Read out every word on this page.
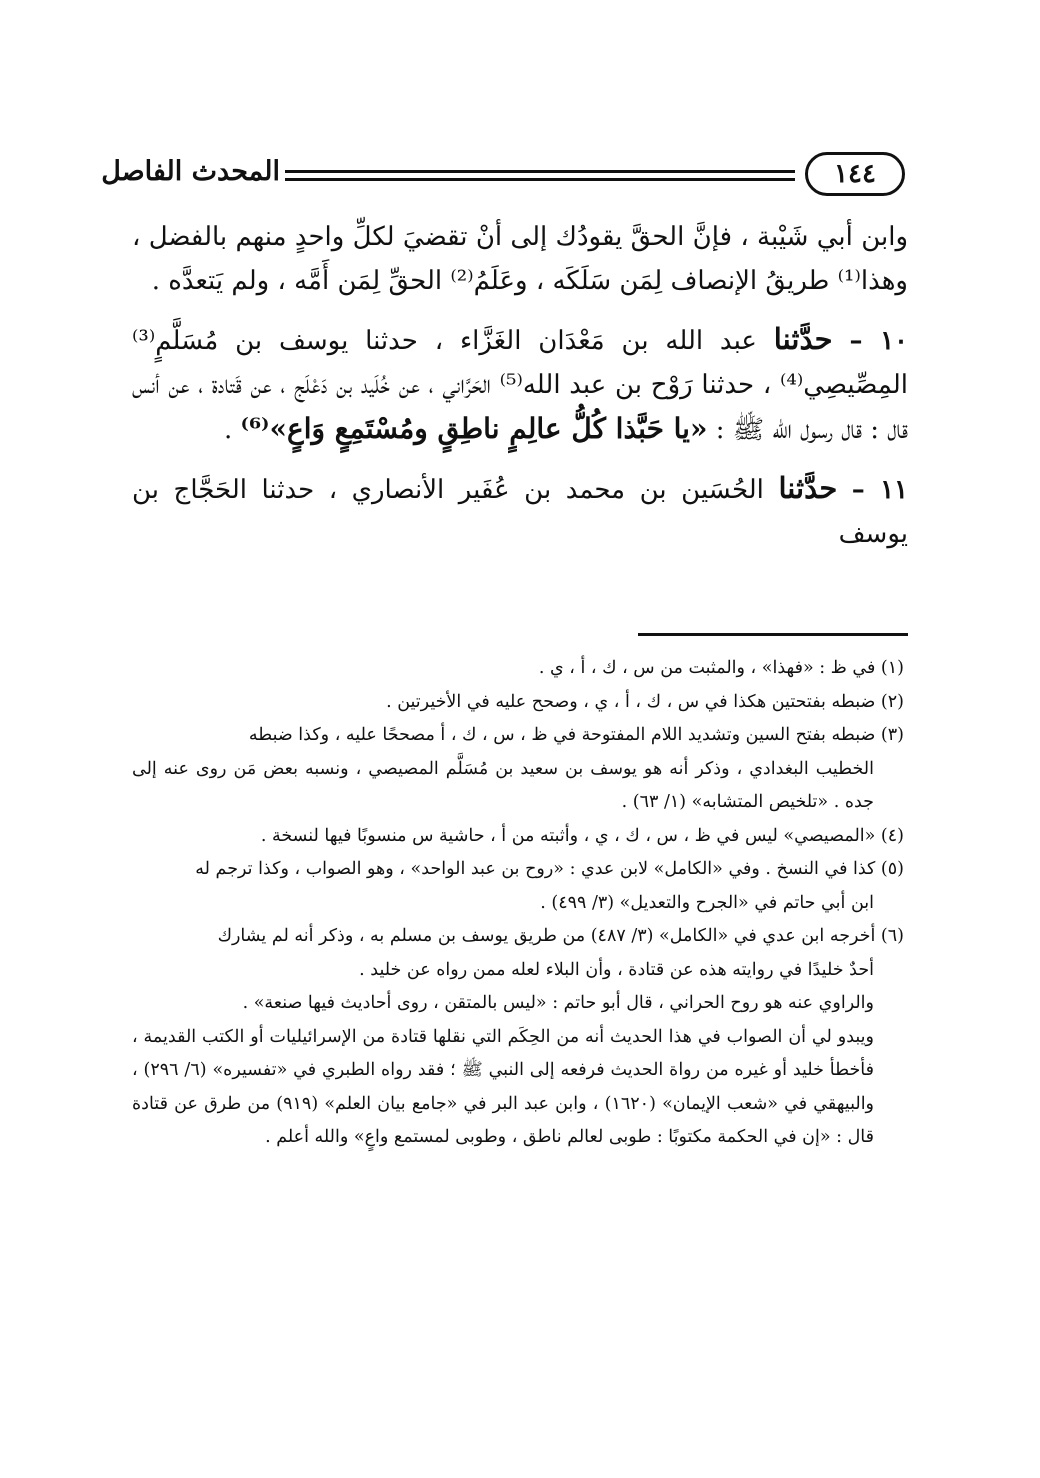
١٤٤
المحدث الفاصل

وابن أبي شَيْبة ، فإنَّ الحقَّ يقودُك إلى أنْ تقضيَ لكلِّ واحدٍ منهم بالفضل ، وهذا⁽¹⁾ طريقُ الإنصاف لِمَن سَلَكَه ، وعَلَمُ⁽²⁾ الحقِّ لِمَن أَمَّه ، ولم يَتعدَّه .

١٠ – حدَّثنا عبد الله بن مَعْدَان الغَزَّاء ، حدثنا يوسف بن مُسَلَّمٍ⁽³⁾ المِصِّيصِي⁽⁴⁾ ، حدثنا رَوْح بن عبد الله⁽⁵⁾ الحَرَّاني ، عن خُلَيد بن دَعْلَج ، عن قَتادة ، عن أنس قال : قال رسول الله ﷺ : «يا حَبَّذا كُلُّ عالِمٍ ناطِقٍ ومُسْتَمِعٍ وَاعٍ»⁽⁶⁾ .

١١ – حدَّثنا الحُسَين بن محمد بن عُفَير الأنصاري ، حدثنا الحَجَّاج بن يوسف

(١) في ظ : «فهذا» ، والمثبت من س ، ك ، أ ، ي .

(٢) ضبطه بفتحتين هكذا في س ، ك ، أ ، ي ، وصحح عليه في الأخيرتين .

(٣) ضبطه بفتح السين وتشديد اللام المفتوحة في ظ ، س ، ك ، أ مصححًا عليه ، وكذا ضبطه
الخطيب البغدادي ، وذكر أنه هو يوسف بن سعيد بن مُسَلَّم المصيصي ، ونسبه بعض مَن روى عنه إلى جده . «تلخيص المتشابه» (١/ ٦٣) .

(٤) «المصيصي» ليس في ظ ، س ، ك ، ي ، وأثبته من أ ، حاشية س منسوبًا فيها لنسخة .

(٥) كذا في النسخ . وفي «الكامل» لابن عدي : «روح بن عبد الواحد» ، وهو الصواب ، وكذا ترجم له
ابن أبي حاتم في «الجرح والتعديل» (٣/ ٤٩٩) .

(٦) أخرجه ابن عدي في «الكامل» (٣/ ٤٨٧) من طريق يوسف بن مسلم به ، وذكر أنه لم يشارك
أحدٌ خليدًا في روايته هذه عن قتادة ، وأن البلاء لعله ممن رواه عن خليد .

والراوي عنه هو روح الحراني ، قال أبو حاتم : «ليس بالمتقن ، روى أحاديث فيها صنعة» .

ويبدو لي أن الصواب في هذا الحديث أنه من الحِكَم التي نقلها قتادة من الإسرائيليات أو الكتب القديمة ، فأخطأ خليد أو غيره من رواة الحديث فرفعه إلى النبي ﷺ ؛ فقد رواه الطبري في «تفسيره» (٦/ ٢٩٦) ، والبيهقي في «شعب الإيمان» (١٦٢٠) ، وابن عبد البر في «جامع بيان العلم» (٩١٩) من طرق عن قتادة قال : «إن في الحكمة مكتوبًا : طوبى لعالم ناطق ، وطوبى لمستمع واعٍ» والله أعلم .
